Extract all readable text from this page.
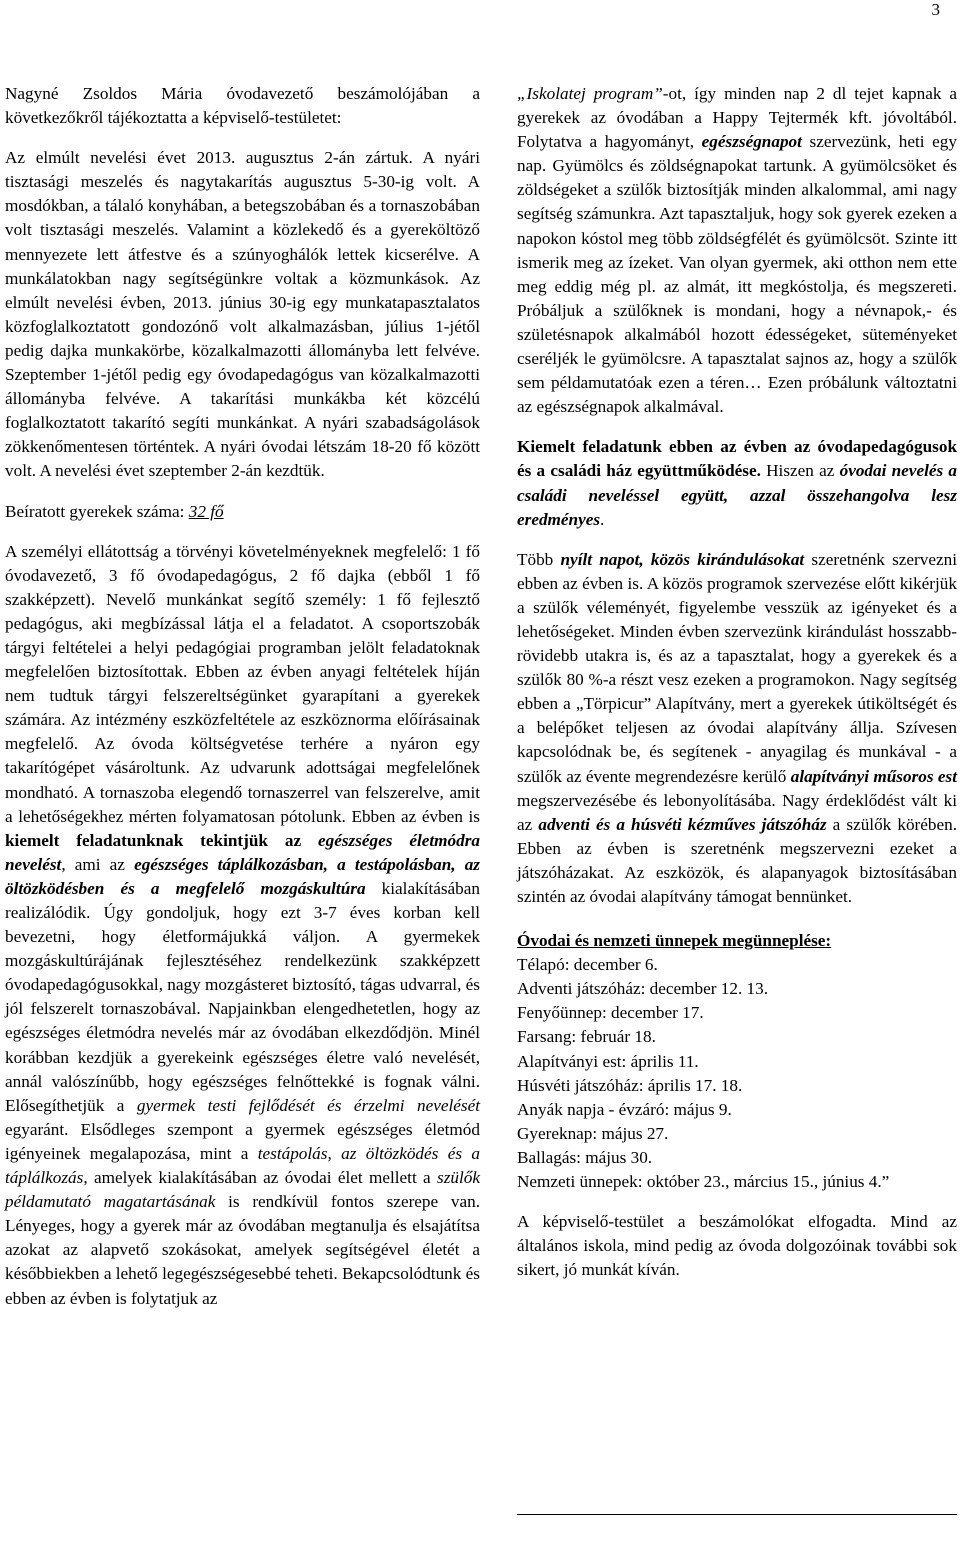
3

Nagyné Zsoldos Mária óvodavezető beszámolójában a következőkről tájékoztatta a képviselő-testületet:

Az elmúlt nevelési évet 2013. augusztus 2-án zártuk. A nyári tisztasági meszelés és nagytakarítás augusztus 5-30-ig volt. A mosdókban, a tálaló konyhában, a betegszobában és a tornaszobában volt tisztasági meszelés. Valamint a közlekedő és a gyereköltöző mennyezete lett átfestve és a szúnyoghálók lettek kicserélve. A munkálatokban nagy segítségünkre voltak a közmunkások. Az elmúlt nevelési évben, 2013. június 30-ig egy munkatapasztalatos közfoglalkoztatott gondozónő volt alkalmazásban, július 1-jétől pedig dajka munkakörbe, közalkalmazotti állományba lett felvéve. Szeptember 1-jétől pedig egy óvodapedagógus van közalkalmazotti állományba felvéve. A takarítási munkákba két közcélú foglalkoztatott takarító segíti munkánkat. A nyári szabadságolások zökkenőmentesen történtek. A nyári óvodai létszám 18-20 fő között volt. A nevelési évet szeptember 2-án kezdtük.

Beíratott gyerekek száma: 32 fő

A személyi ellátottság a törvényi követelményeknek megfelelő: 1 fő óvodavezető, 3 fő óvodapedagógus, 2 fő dajka (ebből 1 fő szakképzett). Nevelő munkánkat segítő személy: 1 fő fejlesztő pedagógus, aki megbízással látja el a feladatot. A csoportszobák tárgyi feltételei a helyi pedagógiai programban jelölt feladatoknak megfelelően biztosítottak. Ebben az évben anyagi feltételek híján nem tudtuk tárgyi felszereltségünket gyarapítani a gyerekek számára. Az intézmény eszközfeltétele az eszköznorma előírásainak megfelelő. Az óvoda költségvetése terhére a nyáron egy takarítógépet vásároltunk. Az udvarunk adottságai megfelelőnek mondható. A tornaszoba elegendő tornaszerrel van felszerelve, amit a lehetőségekhez mérten folyamatosan pótolunk. Ebben az évben is kiemelt feladatunknak tekintjük az egészséges életmódra nevelést, ami az egészséges táplálkozásban, a testápolásban, az öltözködésben és a megfelelő mozgáskultúra kialakításában realizálódik. Úgy gondoljuk, hogy ezt 3-7 éves korban kell bevezetni, hogy életformájukká váljon. A gyermekek mozgáskultúrájának fejlesztéséhez rendelkezünk szakképzett óvodapedagógusokkal, nagy mozgásteret biztosító, tágas udvarral, és jól felszerelt tornaszobával. Napjainkban elengedhetetlen, hogy az egészséges életmódra nevelés már az óvodában elkezdődjön. Minél korábban kezdjük a gyerekeink egészséges életre való nevelését, annál valószínűbb, hogy egészséges felnőttekké is fognak válni. Elősegíthetjük a gyermek testi fejlődését és érzelmi nevelését egyaránt. Elsődleges szempont a gyermek egészséges életmód igényeinek megalapozása, mint a testápolás, az öltözködés és a táplálkozás, amelyek kialakításában az óvodai élet mellett a szülők példamutató magatartásának is rendkívül fontos szerepe van. Lényeges, hogy a gyerek már az óvodában megtanulja és elsajátítsa azokat az alapvető szokásokat, amelyek segítségével életét a későbbiekben a lehető legegészségesebbé teheti. Bekapcsolódtunk és ebben az évben is folytatjuk az

„Iskolatej program”-ot, így minden nap 2 dl tejet kapnak a gyerekek az óvodában a Happy Tejtermék kft. jóvoltából. Folytatva a hagyományt, egészségnapot szervezünk, heti egy nap. Gyümölcs és zöldségnapokat tartunk. A gyümölcsöket és zöldségeket a szülők biztosítják minden alkalommal, ami nagy segítség számunkra. Azt tapasztaljuk, hogy sok gyerek ezeken a napokon kóstol meg több zöldségfélét és gyümölcsöt. Szinte itt ismerik meg az ízeket. Van olyan gyermek, aki otthon nem ette meg eddig még pl. az almát, itt megkóstolja, és megszereti. Próbáljuk a szülőknek is mondani, hogy a névnapok,- és születésnapok alkalmából hozott édességeket, süteményeket cseréljék le gyümölcsre. A tapasztalat sajnos az, hogy a szülők sem példamutatóak ezen a téren… Ezen próbálunk változtatni az egészségnapok alkalmával.

Kiemelt feladatunk ebben az évben az óvodapedagógusok és a családi ház együttműködése. Hiszen az óvodai nevelés a családi neveléssel együtt, azzal összehangolva lesz eredményes.

Több nyílt napot, közös kirándulásokat szeretnénk szervezni ebben az évben is. A közös programok szervezése előtt kikérjük a szülők véleményét, figyelembe vesszük az igényeket és a lehetőségeket. Minden évben szervezünk kirándulást hosszabb-rövidebb utakra is, és az a tapasztalat, hogy a gyerekek és a szülők 80 %-a részt vesz ezeken a programokon. Nagy segítség ebben a „Törpicur” Alapítvány, mert a gyerekek útiköltségét és a belépőket teljesen az óvodai alapítvány állja. Szívesen kapcsolódnak be, és segítenek - anyagilag és munkával - a szülők az évente megrendezésre kerülő alapítványi műsoros est megszervezésébe és lebonyolításába. Nagy érdeklődést vált ki az adventi és a húsvéti kézműves játszóház a szülők körében. Ebben az évben is szeretnénk megszervezni ezeket a játszóházakat. Az eszközök, és alapanyagok biztosításában szintén az óvodai alapítvány támogat bennünket.

Óvodai és nemzeti ünnepek megünneplése:

Télapó: december 6.

Adventi játszóház: december 12. 13.

Fenyőünnep: december 17.

Farsang: február 18.

Alapítványi est: április 11.

Húsvéti játszóház: április 17. 18.

Anyák napja - évzáró: május 9.

Gyereknap: május 27.

Ballagás: május 30.

Nemzeti ünnepek: október 23., március 15., június 4.”

A képviselő-testület a beszámolókat elfogadta. Mind az általános iskola, mind pedig az óvoda dolgozóinak további sok sikert, jó munkát kíván.
